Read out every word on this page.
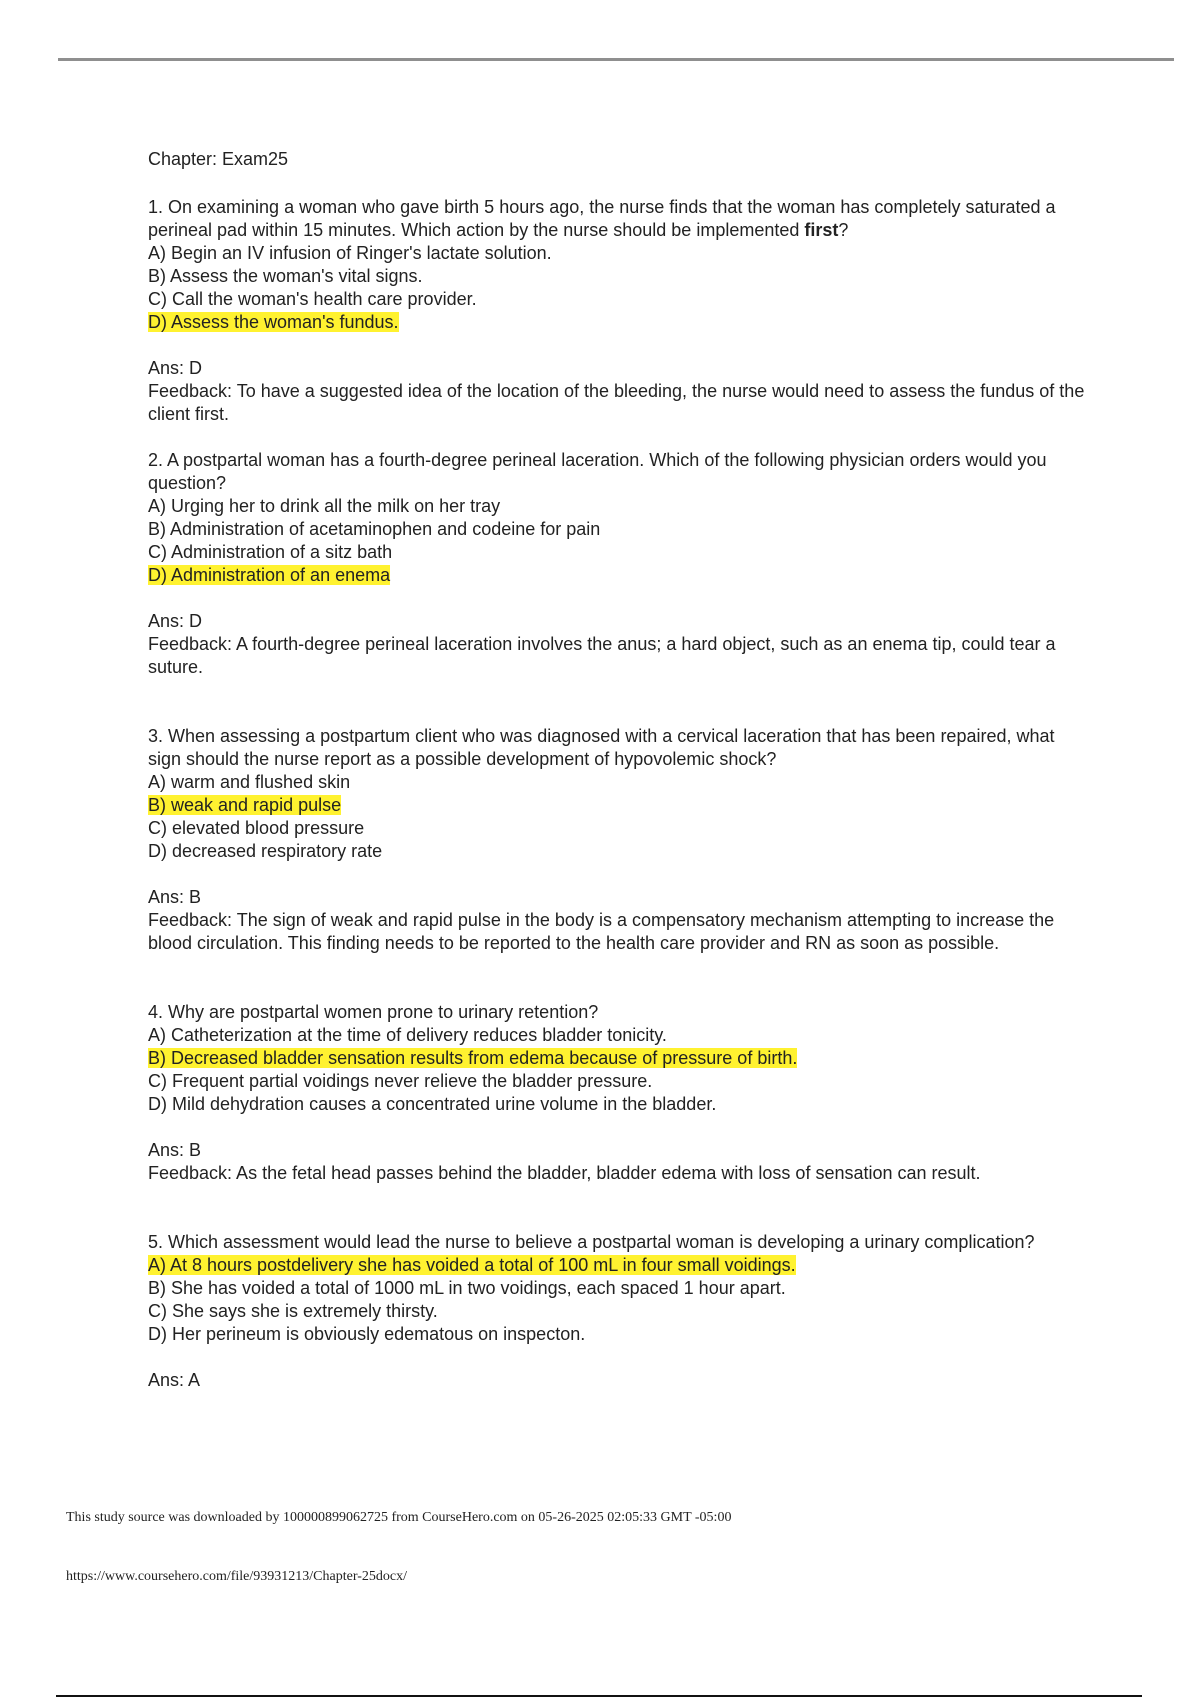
Chapter: Exam25

1. On examining a woman who gave birth 5 hours ago, the nurse finds that the woman has completely saturated a perineal pad within 15 minutes. Which action by the nurse should be implemented first?

A) Begin an IV infusion of Ringer's lactate solution.
B) Assess the woman's vital signs.
C) Call the woman's health care provider.
D) Assess the woman's fundus.

Ans: D

Feedback: To have a suggested idea of the location of the bleeding, the nurse would need to assess the fundus of the client first.

2. A postpartal woman has a fourth-degree perineal laceration. Which of the following physician orders would you question?

A) Urging her to drink all the milk on her tray
B) Administration of acetaminophen and codeine for pain
C) Administration of a sitz bath
D) Administration of an enema

Ans: D

Feedback: A fourth-degree perineal laceration involves the anus; a hard object, such as an enema tip, could tear a suture.

3. When assessing a postpartum client who was diagnosed with a cervical laceration that has been repaired, what sign should the nurse report as a possible development of hypovolemic shock?

A) warm and flushed skin
B) weak and rapid pulse
C) elevated blood pressure
D) decreased respiratory rate

Ans: B

Feedback: The sign of weak and rapid pulse in the body is a compensatory mechanism attempting to increase the blood circulation. This finding needs to be reported to the health care provider and RN as soon as possible.

4. Why are postpartal women prone to urinary retention?

A) Catheterization at the time of delivery reduces bladder tonicity.
B) Decreased bladder sensation results from edema because of pressure of birth.
C) Frequent partial voidings never relieve the bladder pressure.
D) Mild dehydration causes a concentrated urine volume in the bladder.

Ans: B

Feedback: As the fetal head passes behind the bladder, bladder edema with loss of sensation can result.

5. Which assessment would lead the nurse to believe a postpartal woman is developing a urinary complication?

A) At 8 hours postdelivery she has voided a total of 100 mL in four small voidings.
B) She has voided a total of 1000 mL in two voidings, each spaced 1 hour apart.
C) She says she is extremely thirsty.
D) Her perineum is obviously edematous on inspecton.

Ans: A

This study source was downloaded by 100000899062725 from CourseHero.com on 05-26-2025 02:05:33 GMT -05:00
https://www.coursehero.com/file/93931213/Chapter-25docx/
